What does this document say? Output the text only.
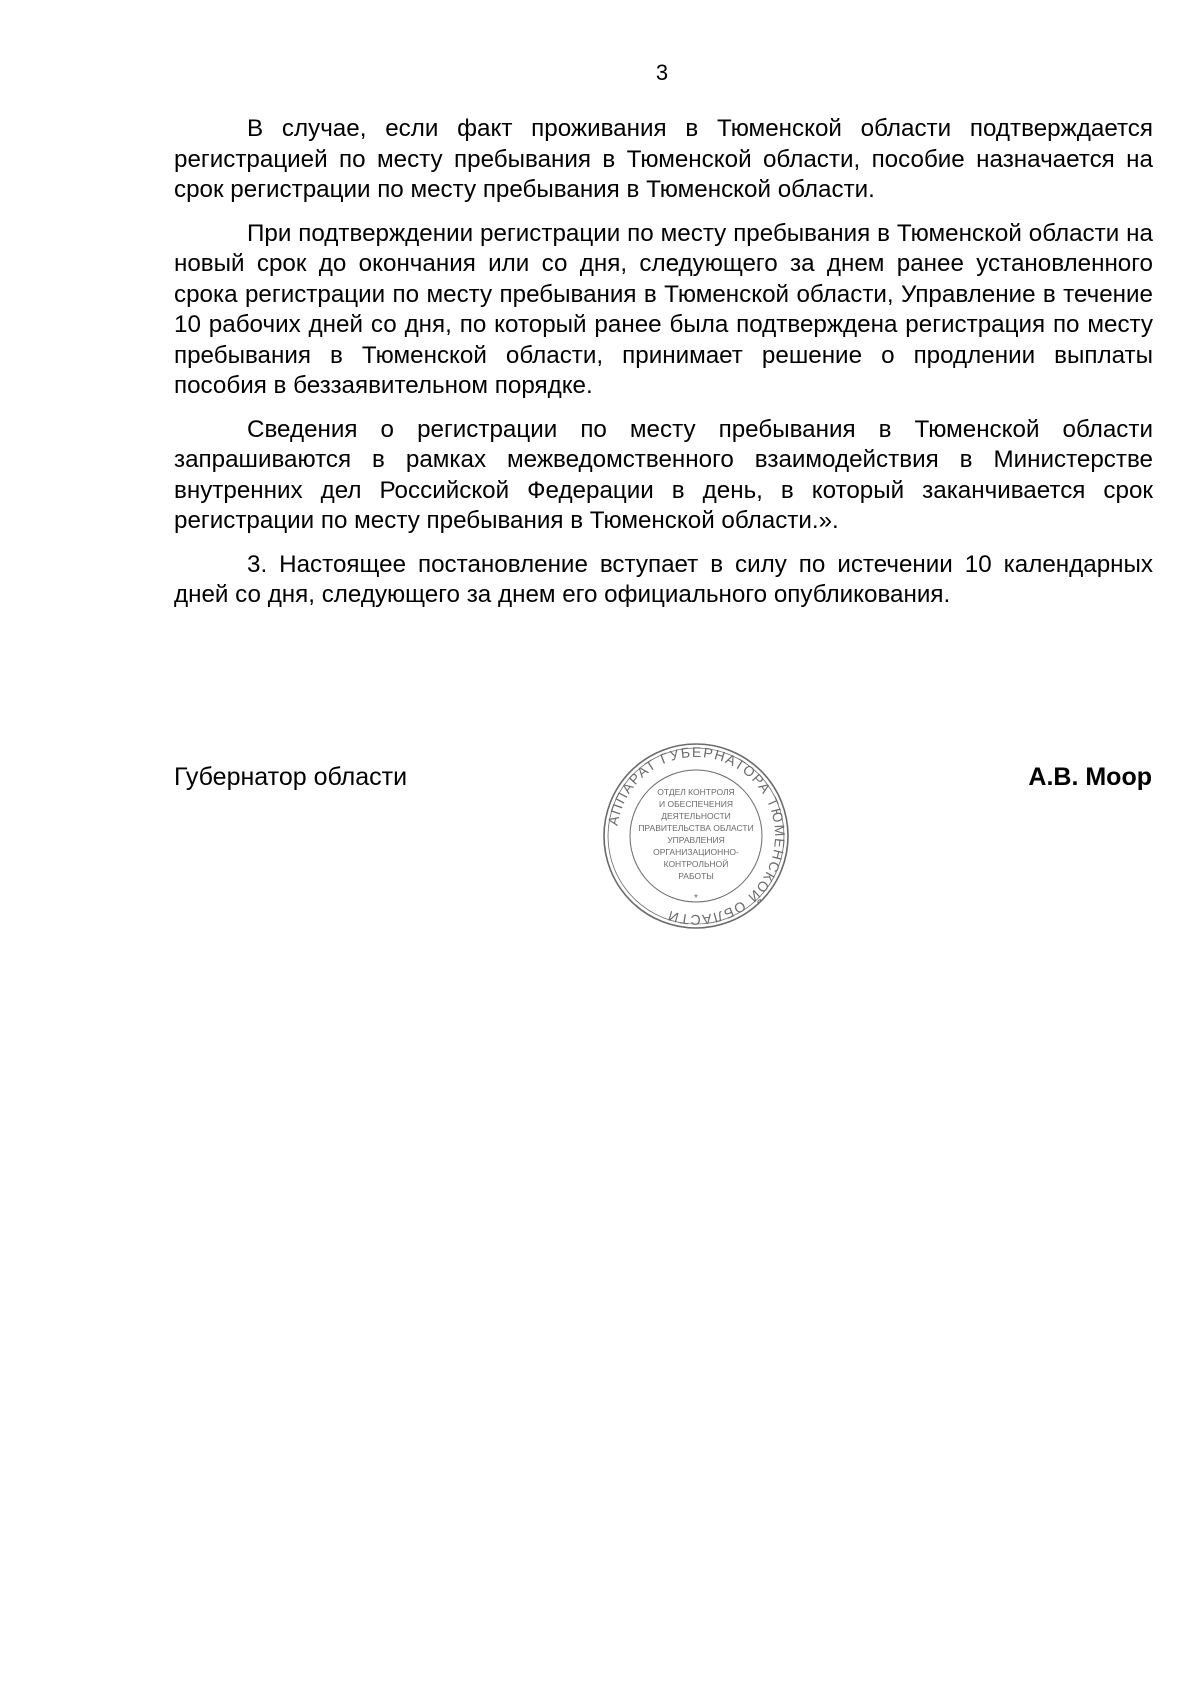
3

В случае, если факт проживания в Тюменской области подтверждается регистрацией по месту пребывания в Тюменской области, пособие назначается на срок регистрации по месту пребывания в Тюменской области.

При подтверждении регистрации по месту пребывания в Тюменской области на новый срок до окончания или со дня, следующего за днем ранее установленного срока регистрации по месту пребывания в Тюменской области, Управление в течение 10 рабочих дней со дня, по который ранее была подтверждена регистрация по месту пребывания в Тюменской области, принимает решение о продлении выплаты пособия в беззаявительном порядке.

Сведения о регистрации по месту пребывания в Тюменской области запрашиваются в рамках межведомственного взаимодействия в Министерстве внутренних дел Российской Федерации в день, в который заканчивается срок регистрации по месту пребывания в Тюменской области.».

3. Настоящее постановление вступает в силу по истечении 10 календарных дней со дня, следующего за днем его официального опубликования.

Губернатор области	А.В. Моор
АППАРАТ ГУБЕРНАТОРА ТЮМЕНСКОЙ ОБЛАСТИ
*
ОТДЕЛ КОНТРОЛЯ
И ОБЕСПЕЧЕНИЯ
ДЕЯТЕЛЬНОСТИ
ПРАВИТЕЛЬСТВА ОБЛАСТИ
УПРАВЛЕНИЯ
ОРГАНИЗАЦИОННО-
КОНТРОЛЬНОЙ
РАБОТЫ
